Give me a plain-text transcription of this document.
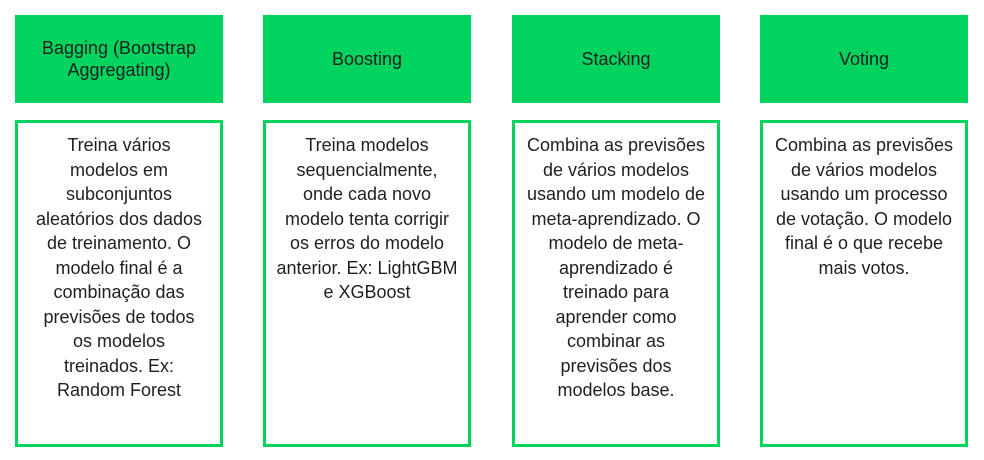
Bagging (Bootstrap Aggregating)
Treina vários modelos em subconjuntos aleatórios dos dados de treinamento. O modelo final é a combinação das previsões de todos os modelos treinados. Ex: Random Forest
Boosting
Treina modelos sequencialmente, onde cada novo modelo tenta corrigir os erros do modelo anterior. Ex: LightGBM e XGBoost
Stacking
Combina as previsões de vários modelos usando um modelo de meta-aprendizado. O modelo de meta-aprendizado é treinado para aprender como combinar as previsões dos modelos base.
Voting
Combina as previsões de vários modelos usando um processo de votação. O modelo final é o que recebe mais votos.
